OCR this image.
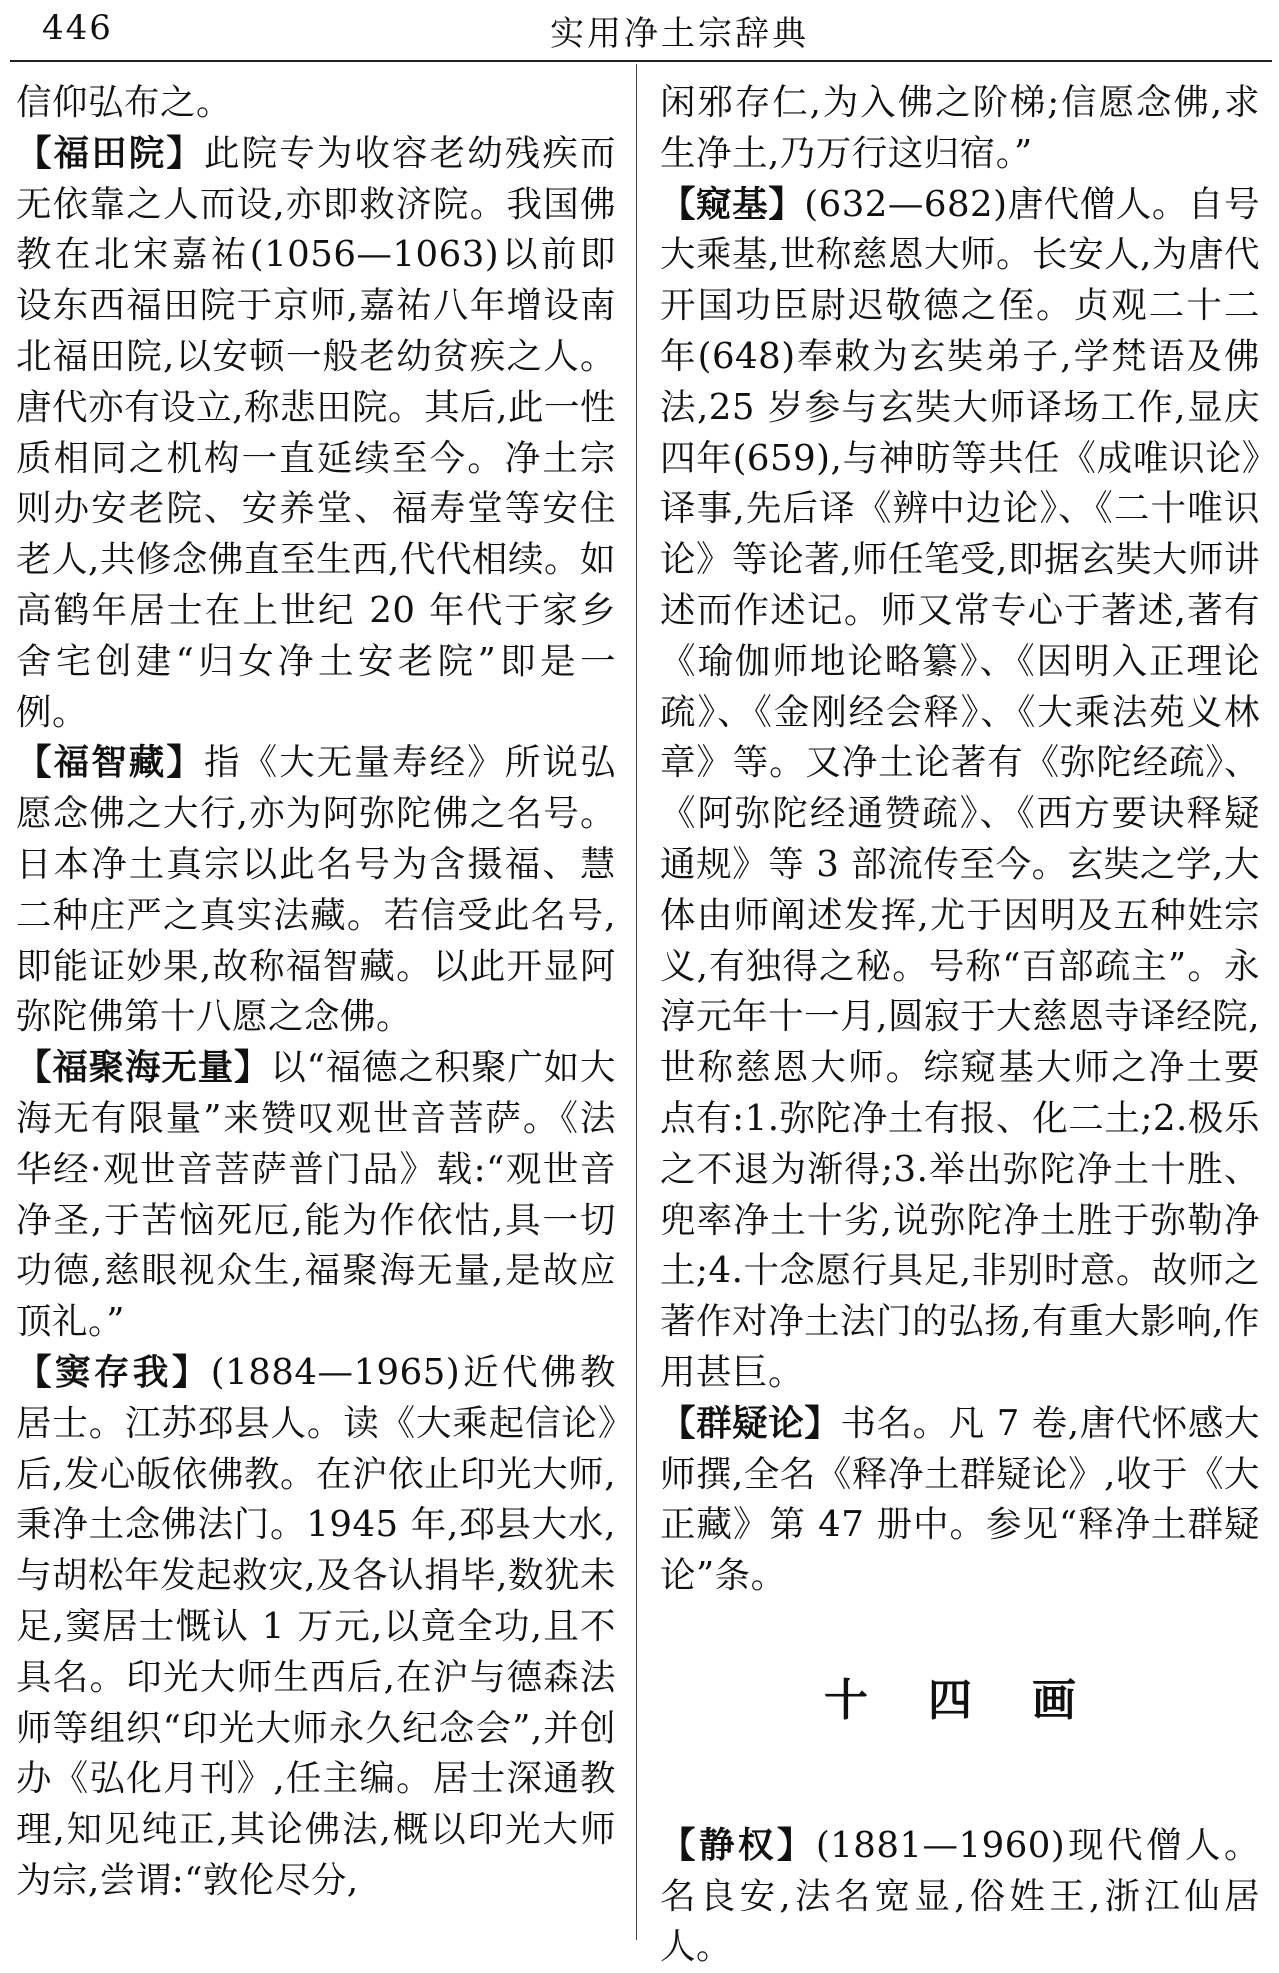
446	实用净土宗辞典

信仰弘布之。

【福田院】此院专为收容老幼残疾而无依靠之人而设,亦即救济院。我国佛教在北宋嘉祐(1056—1063)以前即设东西福田院于京师,嘉祐八年增设南北福田院,以安顿一般老幼贫疾之人。唐代亦有设立,称悲田院。其后,此一性质相同之机构一直延续至今。净土宗则办安老院、安养堂、福寿堂等安住老人,共修念佛直至生西,代代相续。如高鹤年居士在上世纪 20 年代于家乡舍宅创建“归女净土安老院”即是一例。

【福智藏】指《大无量寿经》所说弘愿念佛之大行,亦为阿弥陀佛之名号。日本净土真宗以此名号为含摄福、慧二种庄严之真实法藏。若信受此名号,即能证妙果,故称福智藏。以此开显阿弥陀佛第十八愿之念佛。

【福聚海无量】以“福德之积聚广如大海无有限量”来赞叹观世音菩萨。《法华经·观世音菩萨普门品》载:“观世音净圣,于苦恼死厄,能为作依怙,具一切功德,慈眼视众生,福聚海无量,是故应顶礼。”

【窦存我】(1884—1965)近代佛教居士。江苏邳县人。读《大乘起信论》后,发心皈依佛教。在沪依止印光大师,秉净土念佛法门。1945 年,邳县大水,与胡松年发起救灾,及各认捐毕,数犹未足,窦居士慨认 1 万元,以竟全功,且不具名。印光大师生西后,在沪与德森法师等组织“印光大师永久纪念会”,并创办《弘化月刊》,任主编。居士深通教理,知见纯正,其论佛法,概以印光大师为宗,尝谓:“敦伦尽分,

闲邪存仁,为入佛之阶梯;信愿念佛,求生净土,乃万行这归宿。”

【窥基】(632—682)唐代僧人。自号大乘基,世称慈恩大师。长安人,为唐代开国功臣尉迟敬德之侄。贞观二十二年(648)奉敕为玄奘弟子,学梵语及佛法,25 岁参与玄奘大师译场工作,显庆四年(659),与神昉等共任《成唯识论》译事,先后译《辨中边论》、《二十唯识论》等论著,师任笔受,即据玄奘大师讲述而作述记。师又常专心于著述,著有《瑜伽师地论略纂》、《因明入正理论疏》、《金刚经会释》、《大乘法苑义林章》等。又净土论著有《弥陀经疏》、《阿弥陀经通赞疏》、《西方要诀释疑通规》等 3 部流传至今。玄奘之学,大体由师阐述发挥,尤于因明及五种姓宗义,有独得之秘。号称“百部疏主”。永淳元年十一月,圆寂于大慈恩寺译经院,世称慈恩大师。综窥基大师之净土要点有:1.弥陀净土有报、化二土;2.极乐之不退为渐得;3.举出弥陀净土十胜、兜率净土十劣,说弥陀净土胜于弥勒净土;4.十念愿行具足,非别时意。故师之著作对净土法门的弘扬,有重大影响,作用甚巨。

【群疑论】书名。凡 7 卷,唐代怀感大师撰,全名《释净土群疑论》,收于《大正藏》第 47 册中。参见“释净土群疑论”条。

十四画

【静权】(1881—1960)现代僧人。名良安,法名宽显,俗姓王,浙江仙居人。
